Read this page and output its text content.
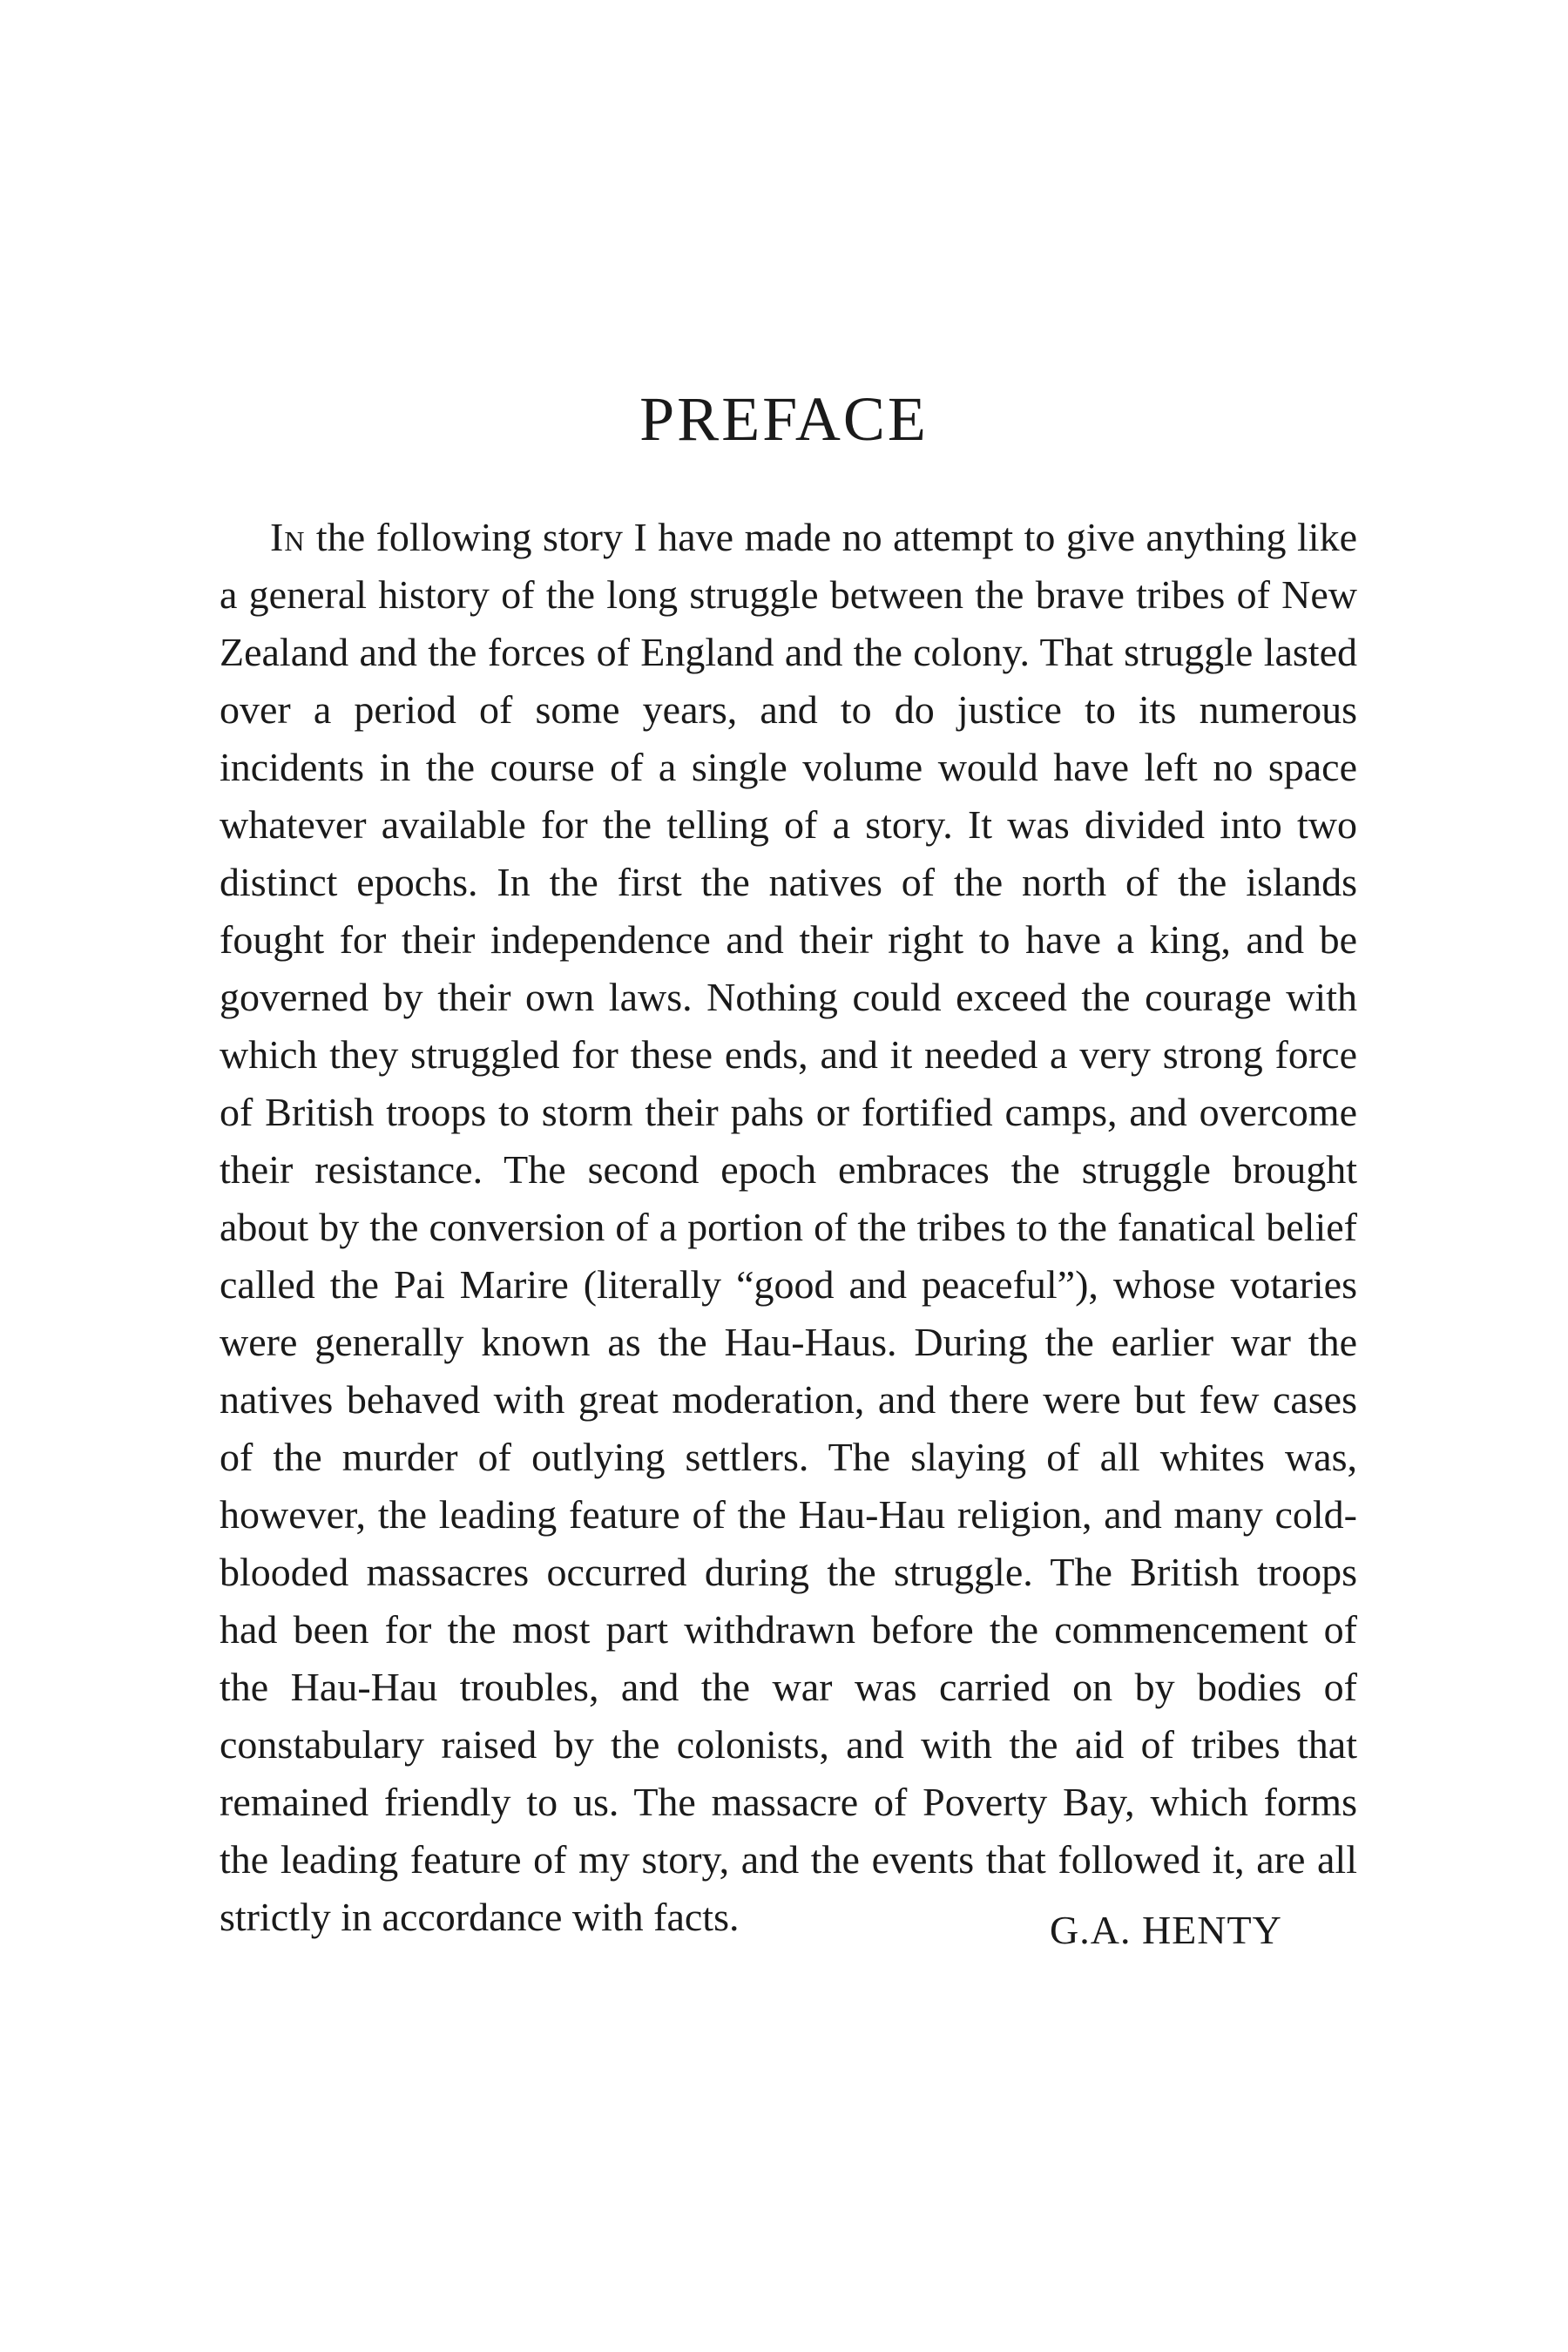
PREFACE

In the following story I have made no attempt to give anything like a general history of the long struggle between the brave tribes of New Zealand and the forces of England and the colony. That struggle lasted over a period of some years, and to do justice to its numerous incidents in the course of a single volume would have left no space whatever available for the telling of a story. It was divided into two distinct epochs. In the first the natives of the north of the islands fought for their independence and their right to have a king, and be governed by their own laws. Nothing could exceed the courage with which they struggled for these ends, and it needed a very strong force of British troops to storm their pahs or fortified camps, and overcome their resistance. The second epoch embraces the struggle brought about by the conversion of a portion of the tribes to the fanatical belief called the Pai Marire (literally “good and peaceful”), whose votaries were generally known as the Hau-Haus. During the earlier war the natives behaved with great moderation, and there were but few cases of the murder of outlying settlers. The slaying of all whites was, however, the leading feature of the Hau-Hau religion, and many cold-blooded massacres occurred during the struggle. The British troops had been for the most part withdrawn before the commencement of the Hau-Hau troubles, and the war was carried on by bodies of constabulary raised by the colonists, and with the aid of tribes that remained friendly to us. The massacre of Poverty Bay, which forms the leading feature of my story, and the events that followed it, are all strictly in accordance with facts.	G.A. HENTY
